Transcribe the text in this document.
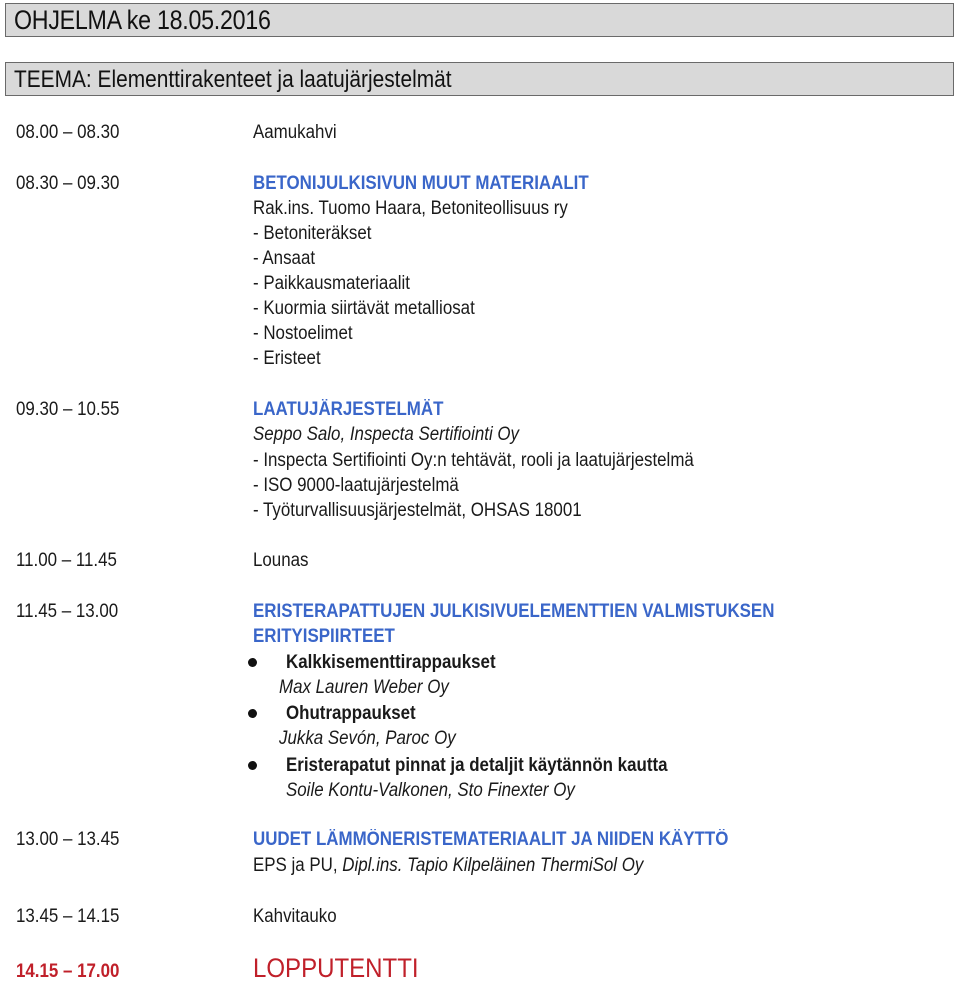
OHJELMA ke 18.05.2016
TEEMA: Elementtirakenteet ja laatujärjestelmät
08.00 – 08.30	Aamukahvi
08.30 – 09.30	BETONIJULKISIVUN MUUT MATERIAALIT
Rak.ins. Tuomo Haara, Betoniteollisuus ry
- Betoniteräkset
- Ansaat
- Paikkausmateriaalit
- Kuormia siirtävät metalliosat
- Nostoelimet
- Eristeet
09.30 – 10.55	LAATUJÄRJESTELMÄT
Seppo Salo, Inspecta Sertifiointi Oy
- Inspecta Sertifiointi Oy:n tehtävät, rooli ja laatujärjestelmä
- ISO 9000-laatujärjestelmä
- Työturvallisuusjärjestelmät, OHSAS 18001
11.00 – 11.45	Lounas
11.45 – 13.00	ERISTERAPATTUJEN JULKISIVUELEMENTTIEN VALMISTUKSEN
ERITYISPIIRTEET
Kalkkisementtirappaukset
Max Lauren Weber Oy
Ohutrappaukset
Jukka Sevón, Paroc Oy
Eristerapatut pinnat ja detaljit käytännön kautta
Soile Kontu-Valkonen, Sto Finexter Oy
13.00 – 13.45	UUDET LÄMMÖNERISTEMATERIAALIT JA NIIDEN KÄYTTÖ
EPS ja PU, Dipl.ins. Tapio Kilpeläinen ThermiSol Oy
13.45 – 14.15	Kahvitauko
14.15 – 17.00	LOPPUTENTTI
